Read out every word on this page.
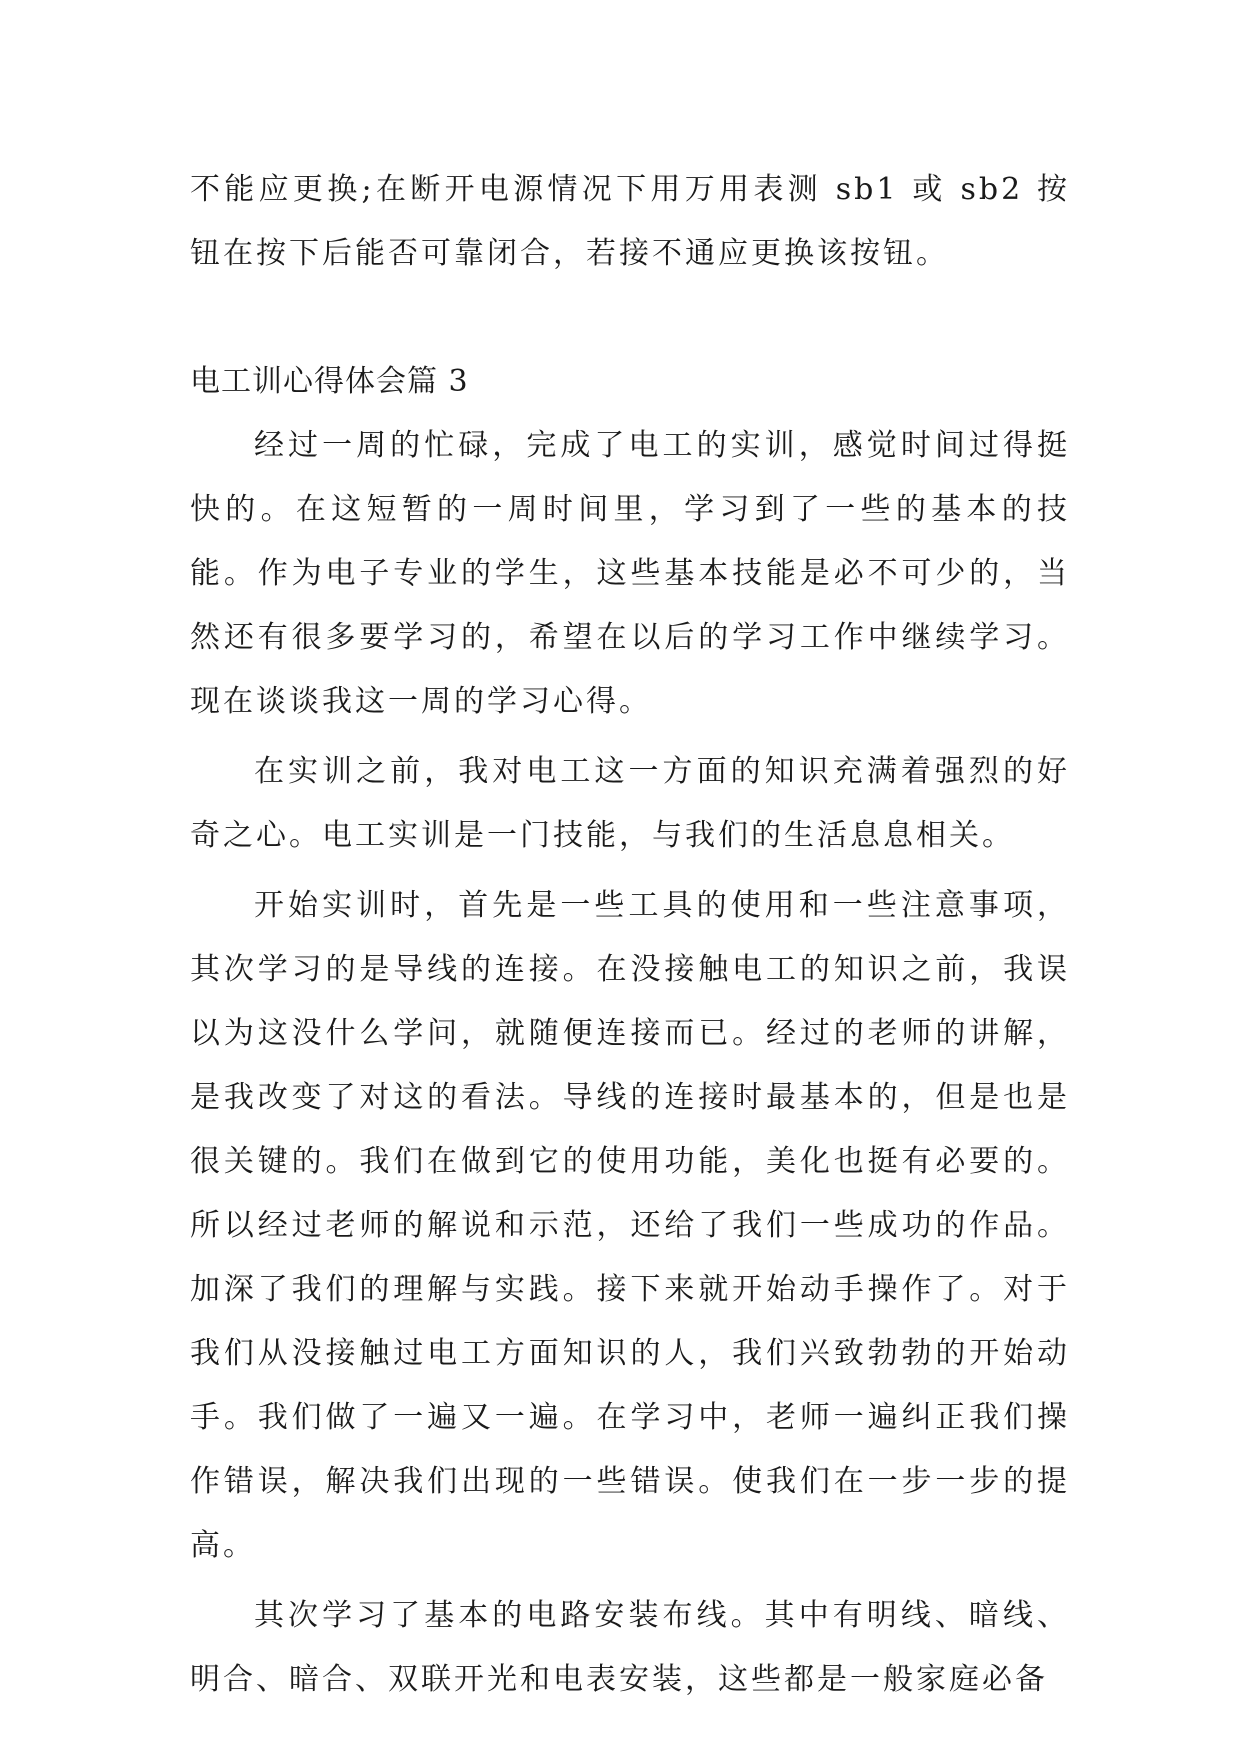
不能应更换;在断开电源情况下用万用表测 sb1 或 sb2 按钮在按下后能否可靠闭合，若接不通应更换该按钮。

电工训心得体会篇 3

经过一周的忙碌，完成了电工的实训，感觉时间过得挺快的。在这短暂的一周时间里，学习到了一些的基本的技能。作为电子专业的学生，这些基本技能是必不可少的，当然还有很多要学习的，希望在以后的学习工作中继续学习。现在谈谈我这一周的学习心得。

在实训之前，我对电工这一方面的知识充满着强烈的好奇之心。电工实训是一门技能，与我们的生活息息相关。

开始实训时，首先是一些工具的使用和一些注意事项，其次学习的是导线的连接。在没接触电工的知识之前，我误以为这没什么学问，就随便连接而已。经过的老师的讲解，是我改变了对这的看法。导线的连接时最基本的，但是也是很关键的。我们在做到它的使用功能，美化也挺有必要的。所以经过老师的解说和示范，还给了我们一些成功的作品。加深了我们的理解与实践。接下来就开始动手操作了。对于我们从没接触过电工方面知识的人，我们兴致勃勃的开始动手。我们做了一遍又一遍。在学习中，老师一遍纠正我们操作错误，解决我们出现的一些错误。使我们在一步一步的提高。

其次学习了基本的电路安装布线。其中有明线、暗线、明合、暗合、双联开光和电表安装，这些都是一般家庭必备
